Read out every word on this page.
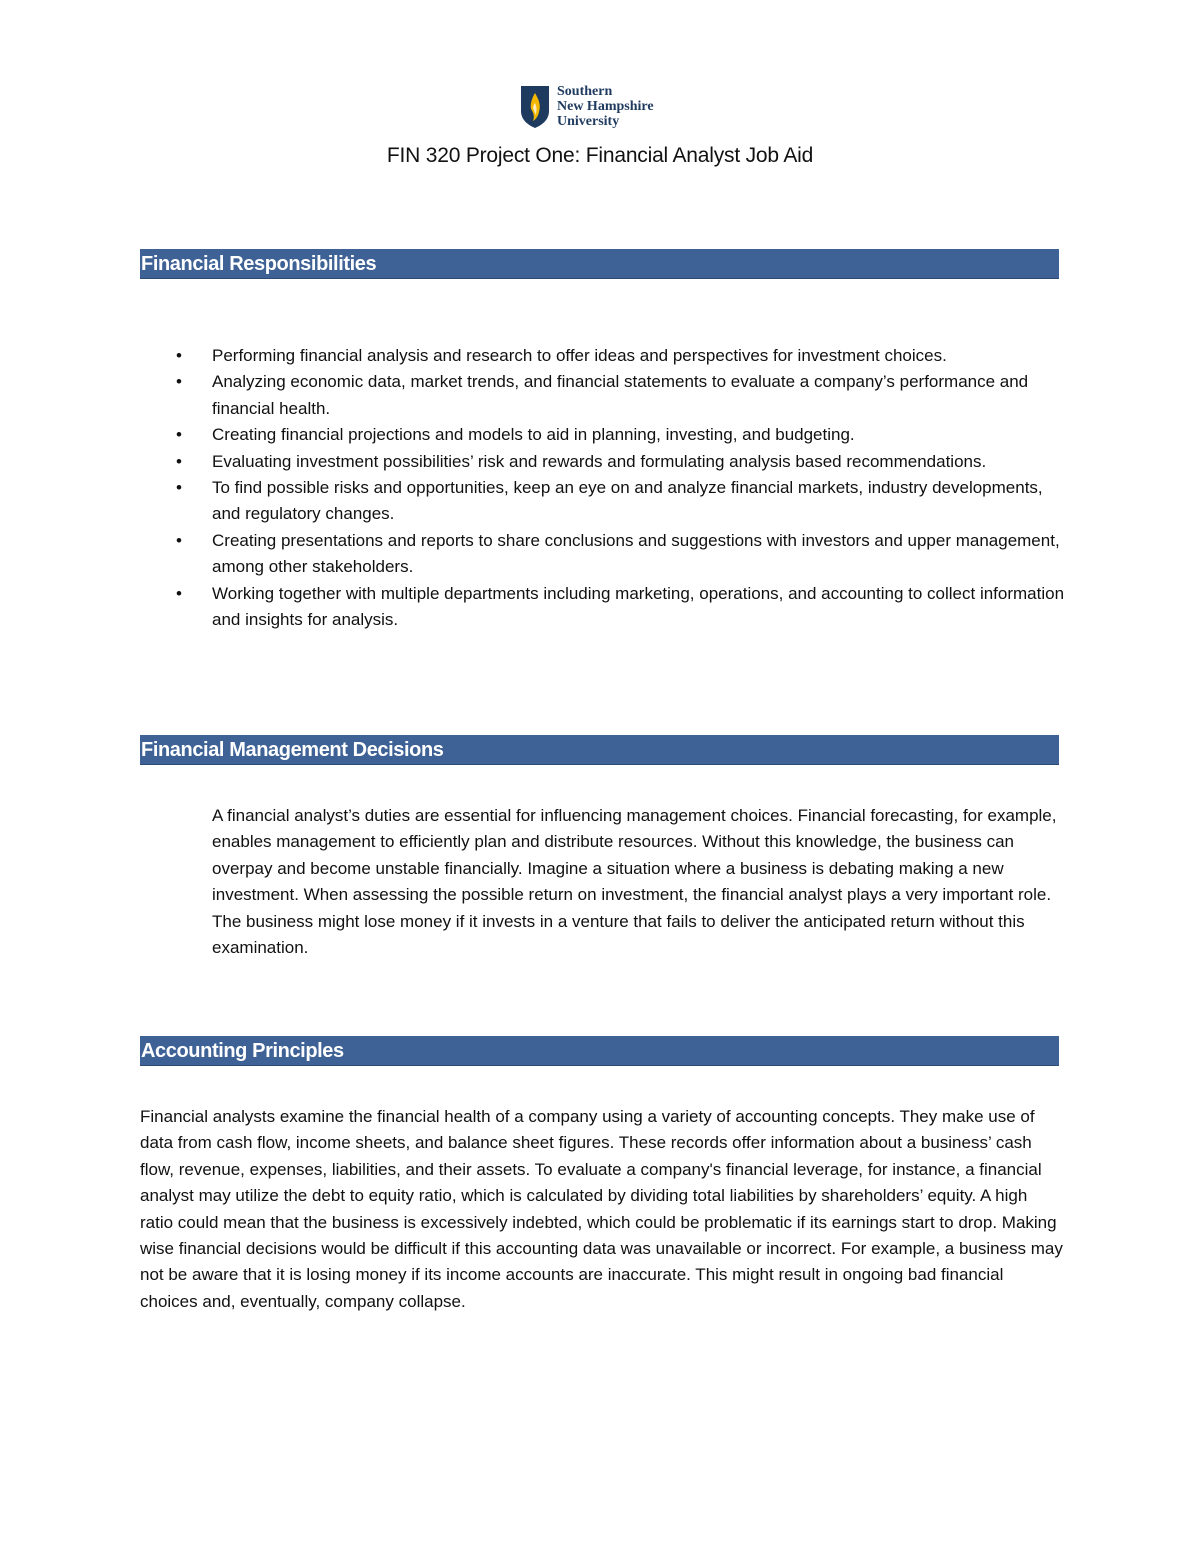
Southern
New Hampshire
University
FIN 320 Project One: Financial Analyst Job Aid
Financial Responsibilities
• Performing financial analysis and research to offer ideas and perspectives for investment choices.
• Analyzing economic data, market trends, and financial statements to evaluate a company’s performance and financial health.
• Creating financial projections and models to aid in planning, investing, and budgeting.
• Evaluating investment possibilities’ risk and rewards and formulating analysis based recommendations.
• To find possible risks and opportunities, keep an eye on and analyze financial markets, industry developments, and regulatory changes.
• Creating presentations and reports to share conclusions and suggestions with investors and upper management, among other stakeholders.
• Working together with multiple departments including marketing, operations, and accounting to collect information and insights for analysis.
Financial Management Decisions

A financial analyst’s duties are essential for influencing management choices. Financial forecasting, for example, enables management to efficiently plan and distribute resources. Without this knowledge, the business can overpay and become unstable financially. Imagine a situation where a business is debating making a new investment. When assessing the possible return on investment, the financial analyst plays a very important role. The business might lose money if it invests in a venture that fails to deliver the anticipated return without this examination.

Accounting Principles

Financial analysts examine the financial health of a company using a variety of accounting concepts. They make use of data from cash flow, income sheets, and balance sheet figures. These records offer information about a business’ cash flow, revenue, expenses, liabilities, and their assets. To evaluate a company's financial leverage, for instance, a financial analyst may utilize the debt to equity ratio, which is calculated by dividing total liabilities by shareholders’ equity. A high ratio could mean that the business is excessively indebted, which could be problematic if its earnings start to drop. Making wise financial decisions would be difficult if this accounting data was unavailable or incorrect. For example, a business may not be aware that it is losing money if its income accounts are inaccurate. This might result in ongoing bad financial choices and, eventually, company collapse.
